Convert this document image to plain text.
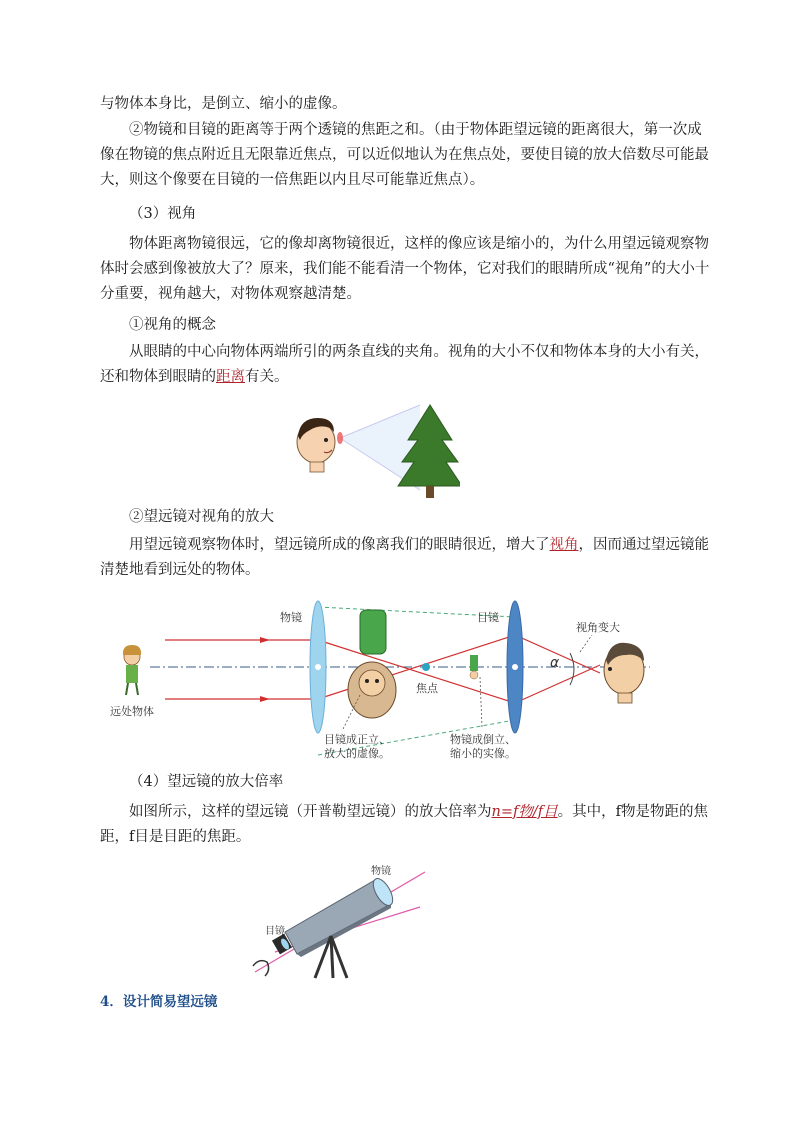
与物体本身比，是倒立、缩小的虚像。

②物镜和目镜的距离等于两个透镜的焦距之和。（由于物体距望远镜的距离很大，第一次成像在物镜的焦点附近且无限靠近焦点，可以近似地认为在焦点处，要使目镜的放大倍数尽可能最大，则这个像要在目镜的一倍焦距以内且尽可能靠近焦点）。

（3）视角

物体距离物镜很远，它的像却离物镜很近，这样的像应该是缩小的，为什么用望远镜观察物体时会感到像被放大了？原来，我们能不能看清一个物体，它对我们的眼睛所成“视角”的大小十分重要，视角越大，对物体观察越清楚。

①视角的概念

从眼睛的中心向物体两端所引的两条直线的夹角。视角的大小不仅和物体本身的大小有关，还和物体到眼睛的距离有关。

②望远镜对视角的放大

用望远镜观察物体时，望远镜所成的像离我们的眼睛很近，增大了视角，因而通过望远镜能清楚地看到远处的物体。

物镜	目镜
视角变大
α
焦点
远处物体
目镜成正立、
放大的虚像。
物镜成倒立、
缩小的实像。

（4）望远镜的放大倍率

如图所示，这样的望远镜（开普勒望远镜）的放大倍率为n=f物/f目。其中，f物是物距的焦距，f目是目距的焦距。

物镜
目镜

4．设计简易望远镜
